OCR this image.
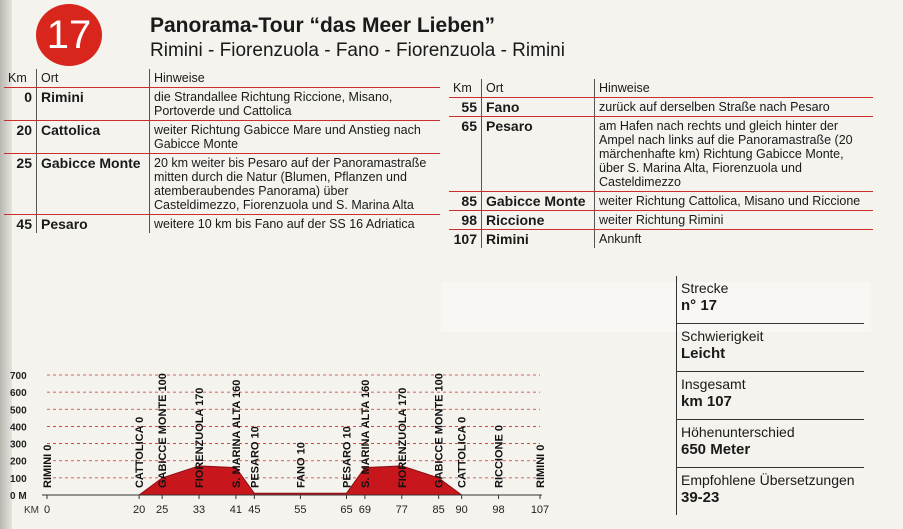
17	Panorama-Tour “das Meer Lieben”
Rimini - Fiorenzuola - Fano - Fiorenzuola - Rimini
Km	Ort	Hinweise
0	Rimini	die Strandallee Richtung Riccione, Misano, Portoverde und Cattolica
20	Cattolica	weiter Richtung Gabicce Mare und Anstieg nach Gabicce Monte
25	Gabicce Monte	20 km weiter bis Pesaro auf der Panoramastraße mitten durch die Natur (Blumen, Pflanzen und atemberaubendes Panorama) über Casteldimezzo, Fiorenzuola und S. Marina Alta
45	Pesaro	weitere 10 km bis Fano auf der SS 16 Adriatica
Km	Ort	Hinweise
55	Fano	zurück auf derselben Straße nach Pesaro
65	Pesaro	am Hafen nach rechts und gleich hinter der Ampel nach links auf die Panoramastraße (20 märchenhafte km) Richtung Gabicce Monte, über S. Marina Alta, Fiorenzuola und Casteldimezzo
85	Gabicce Monte	weiter Richtung Cattolica, Misano und Riccione
98	Riccione	weiter Richtung Rimini
107	Rimini	Ankunft
Strecke
n° 17
Schwierigkeit
Leicht
Insgesamt
km 107
Höhenunterschied
650 Meter
Empfohlene Übersetzungen
39-23
0 M
100
200
300
400
500
600
700
KM 0	20 25 33 41 45	55	65 69 77 85 90 98 107
RIMINI 0	CATTOLICA 0 GABICCE MONTE 100 FIORENZUOLA 170 S. MARINA ALTA 160 PESARO 10	FANO 10	PESARO 10 S. MARINA ALTA 160 FIORENZUOLA 170 GABICCE MONTE 100 CATTOLICA 0 RICCIONE 0	RIMINI 0
